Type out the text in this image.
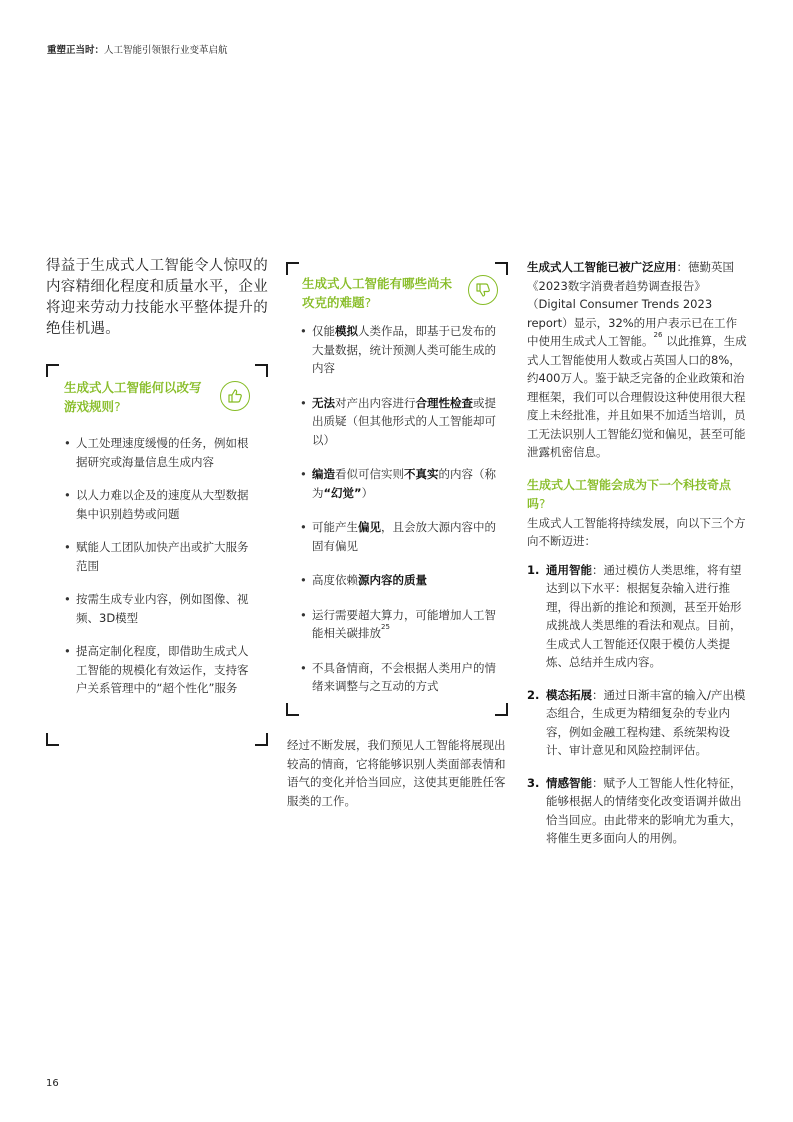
重塑正当时：人工智能引领银行业变革启航

得益于生成式人工智能令人惊叹的内容精细化程度和质量水平，企业将迎来劳动力技能水平整体提升的绝佳机遇。

生成式人工智能何以改写游戏规则?
• 人工处理速度缓慢的任务，例如根据研究或海量信息生成内容
• 以人力难以企及的速度从大型数据集中识别趋势或问题
• 赋能人工团队加快产出或扩大服务范围
• 按需生成专业内容，例如图像、视频、3D模型
• 提高定制化程度，即借助生成式人工智能的规模化有效运作，支持客户关系管理中的“超个性化”服务
生成式人工智能有哪些尚未攻克的难题?
• 仅能模拟人类作品，即基于已发布的大量数据，统计预测人类可能生成的内容
• 无法对产出内容进行合理性检查或提出质疑（但其他形式的人工智能却可以）
• 编造看似可信实则不真实的内容（称为“幻觉”）
• 可能产生偏见，且会放大源内容中的固有偏见
• 高度依赖源内容的质量
• 运行需要超大算力，可能增加人工智能相关碳排放$^{25}$
• 不具备情商，不会根据人类用户的情绪来调整与之互动的方式

经过不断发展，我们预见人工智能将展现出较高的情商，它将能够识别人类面部表情和语气的变化并恰当回应，这使其更能胜任客服类的工作。

生成式人工智能已被广泛应用：德勤英国《2023数字消费者趋势调查报告》（Digital Consumer Trends 2023 report）显示，32%的用户表示已在工作中使用生成式人工智能。$^{26}$ 以此推算，生成式人工智能使用人数或占英国人口的8%，约400万人。鉴于缺乏完备的企业政策和治理框架，我们可以合理假设这种使用很大程度上未经批准，并且如果不加适当培训，员工无法识别人工智能幻觉和偏见，甚至可能泄露机密信息。

生成式人工智能会成为下一个科技奇点吗?

生成式人工智能将持续发展，向以下三个方向不断迈进：

1. 通用智能：通过模仿人类思维，将有望达到以下水平：根据复杂输入进行推理，得出新的推论和预测，甚至开始形成挑战人类思维的看法和观点。目前，生成式人工智能还仅限于模仿人类提炼、总结并生成内容。
2. 模态拓展：通过日渐丰富的输入/产出模态组合，生成更为精细复杂的专业内容，例如金融工程构建、系统架构设计、审计意见和风险控制评估。
3. 情感智能：赋予人工智能人性化特征，能够根据人的情绪变化改变语调并做出恰当回应。由此带来的影响尤为重大，将催生更多面向人的用例。
16
